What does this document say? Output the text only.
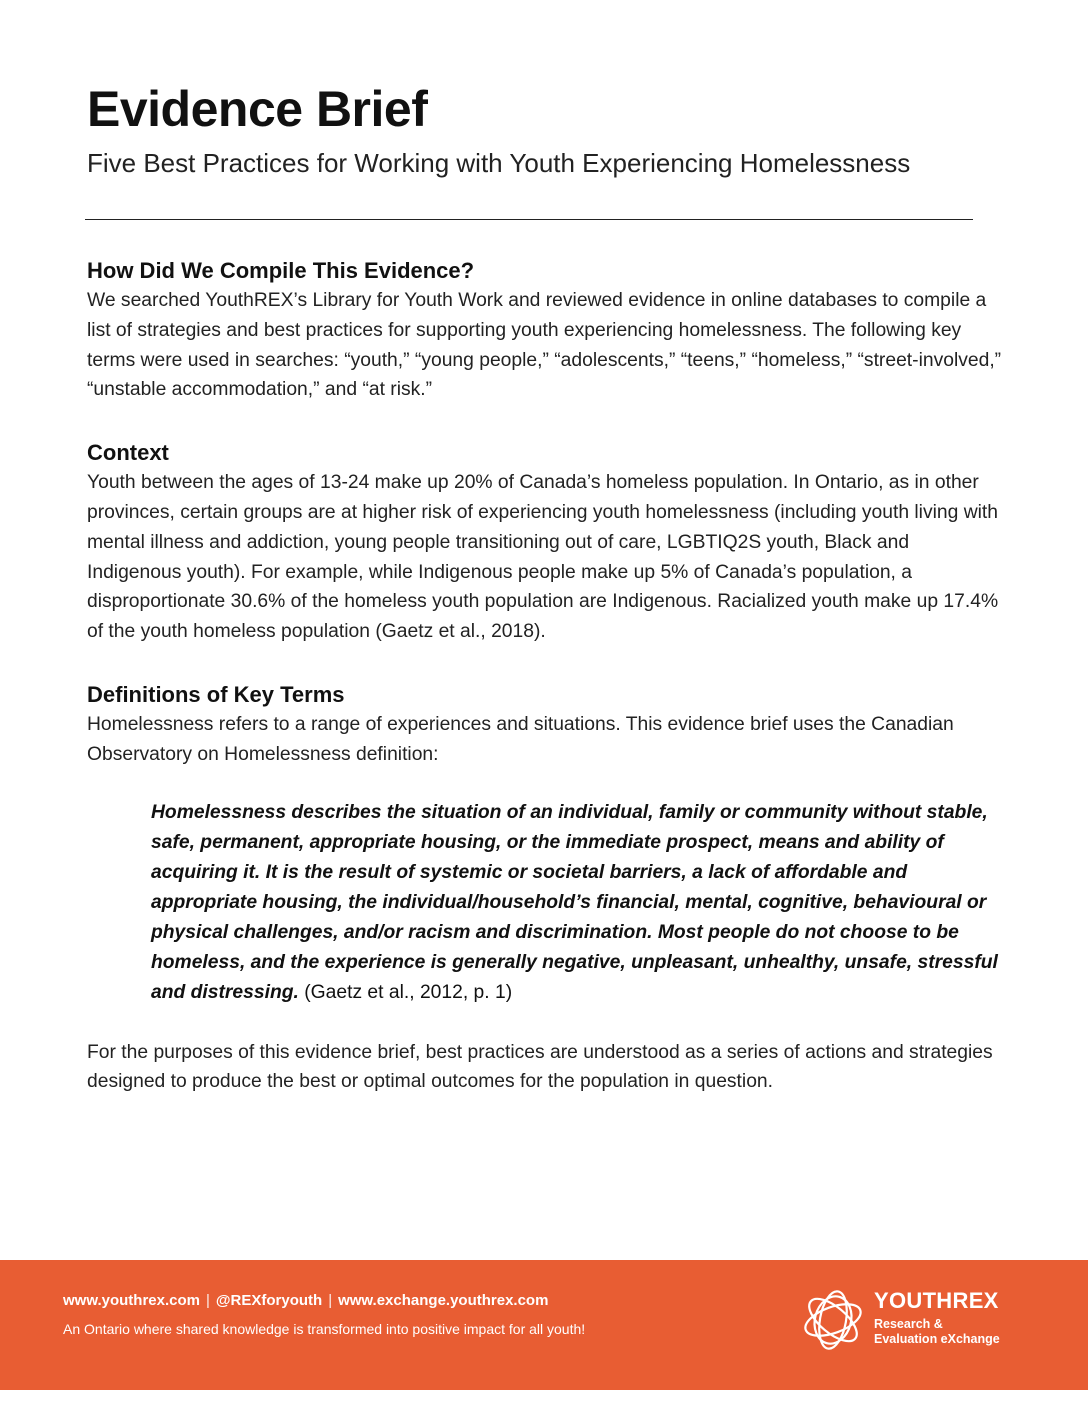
Evidence Brief

Five Best Practices for Working with Youth Experiencing Homelessness

How Did We Compile This Evidence?

We searched YouthREX’s Library for Youth Work and reviewed evidence in online databases to compile a list of strategies and best practices for supporting youth experiencing homelessness. The following key terms were used in searches: “youth,” “young people,” “adolescents,” “teens,” “homeless,” “street-involved,” “unstable accommodation,” and “at risk.”

Context

Youth between the ages of 13-24 make up 20% of Canada’s homeless population. In Ontario, as in other provinces, certain groups are at higher risk of experiencing youth homelessness (including youth living with mental illness and addiction, young people transitioning out of care, LGBTIQ2S youth, Black and Indigenous youth). For example, while Indigenous people make up 5% of Canada’s population, a disproportionate 30.6% of the homeless youth population are Indigenous. Racialized youth make up 17.4% of the youth homeless population (Gaetz et al., 2018).

Definitions of Key Terms

Homelessness refers to a range of experiences and situations. This evidence brief uses the Canadian Observatory on Homelessness definition:

Homelessness describes the situation of an individual, family or community without stable, safe, permanent, appropriate housing, or the immediate prospect, means and ability of acquiring it. It is the result of systemic or societal barriers, a lack of affordable and appropriate housing, the individual/household’s financial, mental, cognitive, behavioural or physical challenges, and/or racism and discrimination. Most people do not choose to be homeless, and the experience is generally negative, unpleasant, unhealthy, unsafe, stressful and distressing. (Gaetz et al., 2012, p. 1)

For the purposes of this evidence brief, best practices are understood as a series of actions and strategies designed to produce the best or optimal outcomes for the population in question.

www.youthrex.com | @REXforyouth | www.exchange.youthrex.com
An Ontario where shared knowledge is transformed into positive impact for all youth!
YOUTHREX
Research &
Evaluation eXchange
